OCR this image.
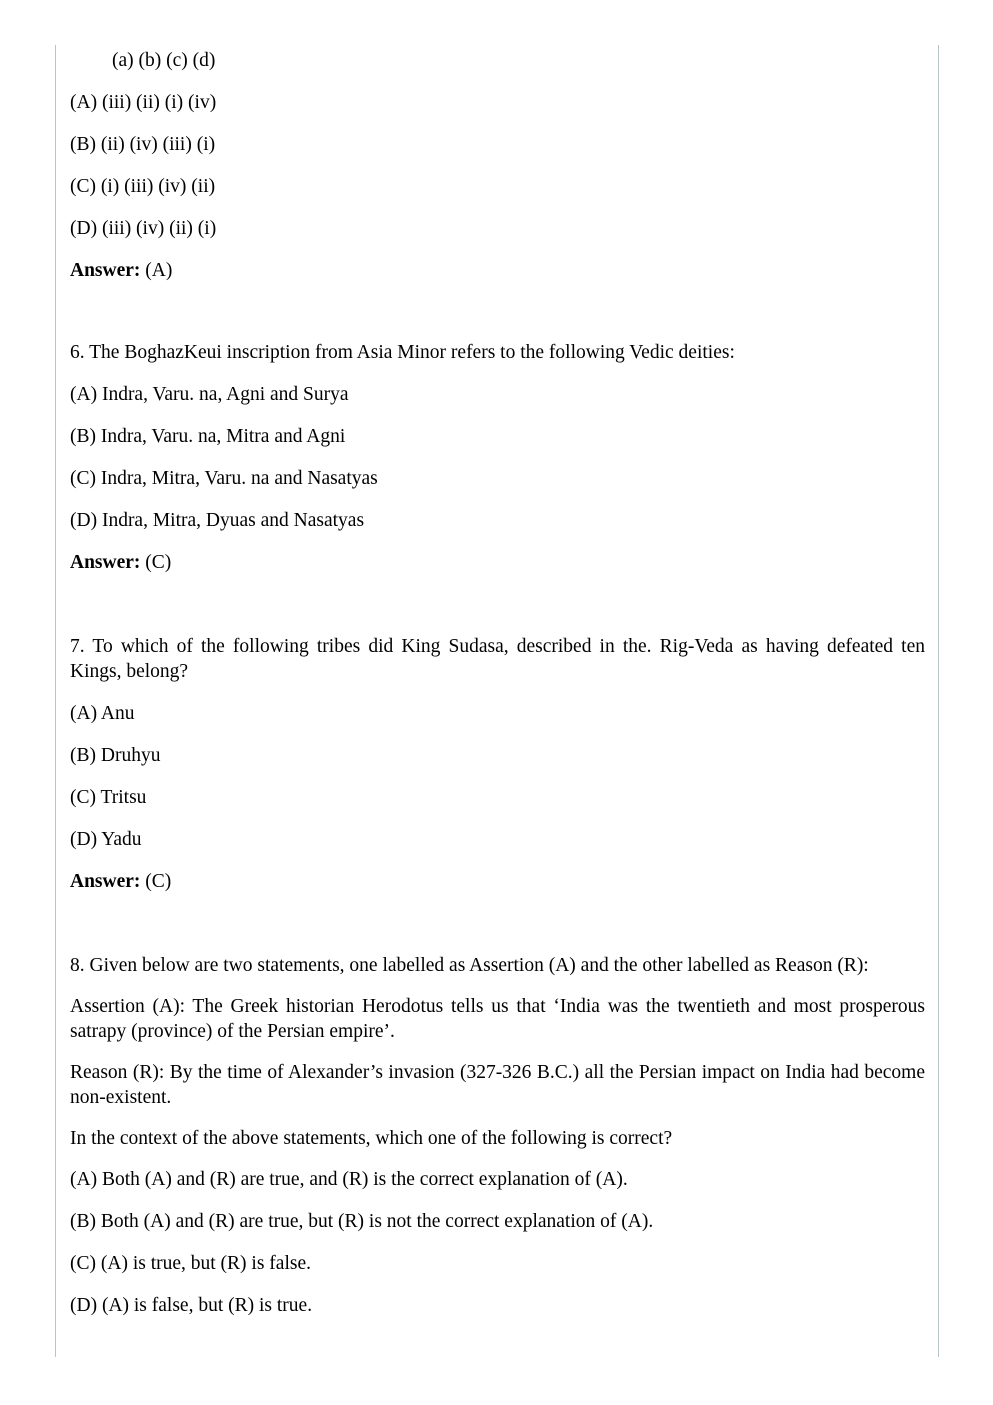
(a) (b) (c) (d)

(A) (iii) (ii) (i) (iv)

(B) (ii) (iv) (iii) (i)

(C) (i) (iii) (iv) (ii)

(D) (iii) (iv) (ii) (i)

Answer: (A)

6. The BoghazKeui inscription from Asia Minor refers to the following Vedic deities:

(A) Indra, Varu. na, Agni and Surya

(B) Indra, Varu. na, Mitra and Agni

(C) Indra, Mitra, Varu. na and Nasatyas

(D) Indra, Mitra, Dyuas and Nasatyas

Answer: (C)

7. To which of the following tribes did King Sudasa, described in the. Rig-Veda as having defeated ten Kings, belong?

(A) Anu

(B) Druhyu

(C) Tritsu

(D) Yadu

Answer: (C)

8. Given below are two statements, one labelled as Assertion (A) and the other labelled as Reason (R):

Assertion (A): The Greek historian Herodotus tells us that ‘India was the twentieth and most prosperous satrapy (province) of the Persian empire’.

Reason (R): By the time of Alexander’s invasion (327-326 B.C.) all the Persian impact on India had become non-existent.

In the context of the above statements, which one of the following is correct?

(A) Both (A) and (R) are true, and (R) is the correct explanation of (A).

(B) Both (A) and (R) are true, but (R) is not the correct explanation of (A).

(C) (A) is true, but (R) is false.

(D) (A) is false, but (R) is true.
